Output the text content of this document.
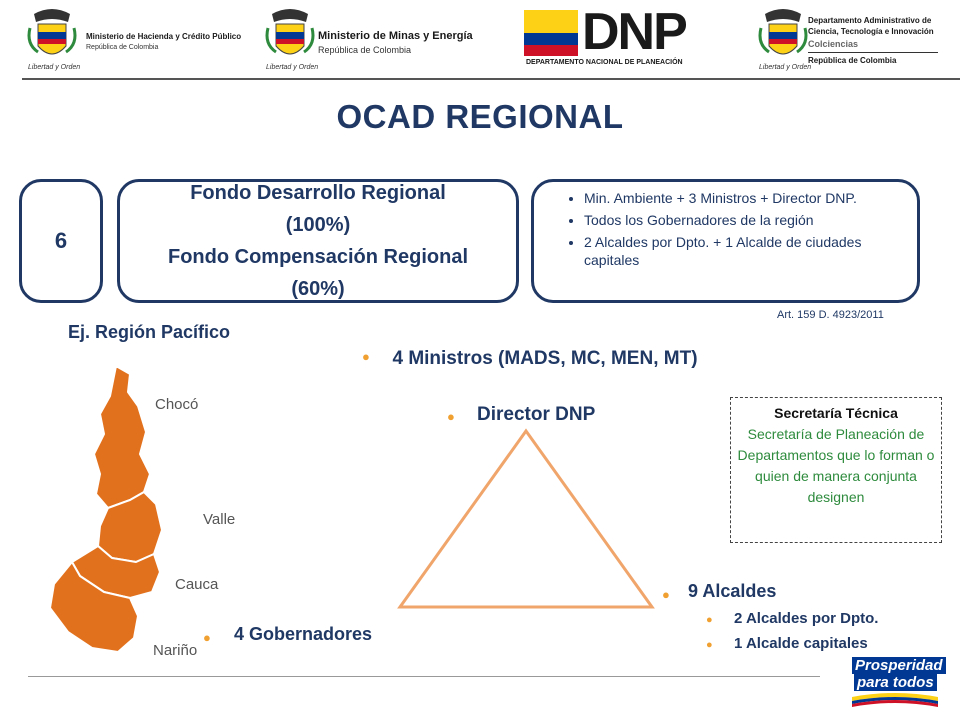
Libertad y Orden
Ministerio de Hacienda y Crédito Público
República de Colombia
Libertad y Orden
Ministerio de Minas y Energía
República de Colombia	DNP
DEPARTAMENTO NACIONAL DE PLANEACIÓN
Libertad y Orden
Departamento Administrativo de
Ciencia, Tecnología e Innovación
Colciencias
República de Colombia
OCAD REGIONAL
6
Fondo Desarrollo Regional
(100%)
Fondo Compensación Regional
(60%)
• Min. Ambiente + 3 Ministros + Director DNP.
• Todos los Gobernadores de la región
• 2 Alcaldes por Dpto. + 1 Alcalde de ciudades capitales
Art. 159 D. 4923/2011
Ej. Región Pacífico
Chocó
Valle
Cauca
Nariño
●	4 Ministros (MADS, MC, MEN, MT)
● Director DNP
● 4 Gobernadores
● 9 Alcaldes
● 2 Alcaldes por Dpto.
● 1 Alcalde capitales
Secretaría Técnica
Secretaría de Planeación de Departamentos que lo forman o quien de manera conjunta designen
Prosperidad
para todos
